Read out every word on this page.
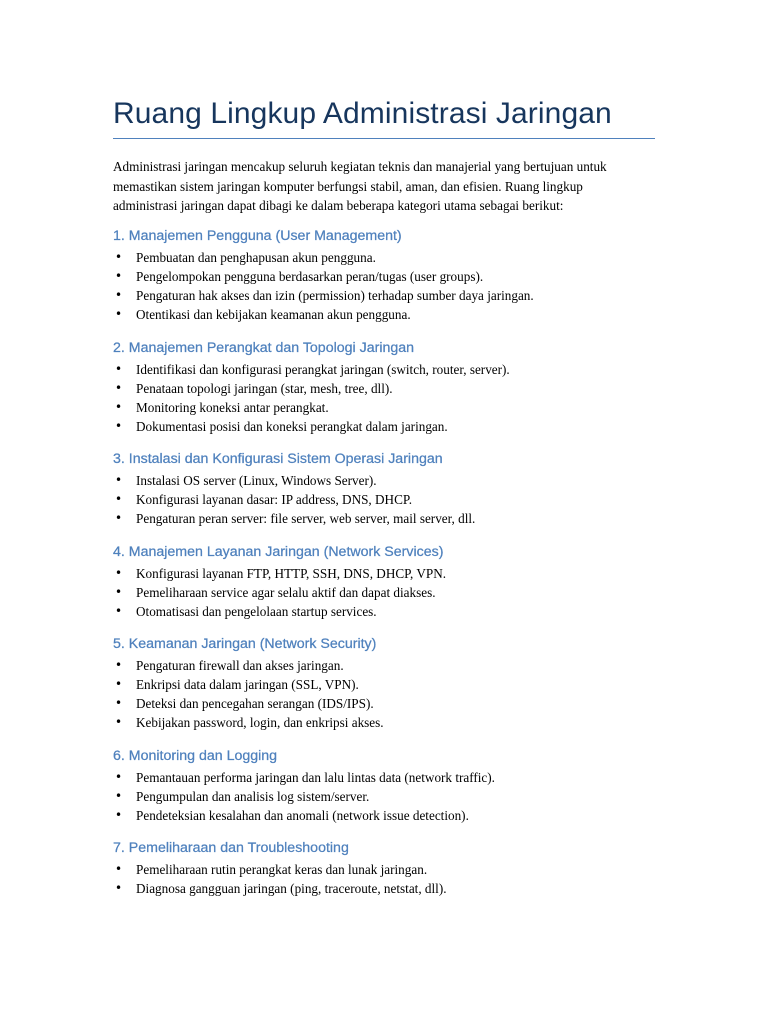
Ruang Lingkup Administrasi Jaringan

Administrasi jaringan mencakup seluruh kegiatan teknis dan manajerial yang bertujuan untuk memastikan sistem jaringan komputer berfungsi stabil, aman, dan efisien. Ruang lingkup administrasi jaringan dapat dibagi ke dalam beberapa kategori utama sebagai berikut:

1. Manajemen Pengguna (User Management)
• Pembuatan dan penghapusan akun pengguna.
• Pengelompokan pengguna berdasarkan peran/tugas (user groups).
• Pengaturan hak akses dan izin (permission) terhadap sumber daya jaringan.
• Otentikasi dan kebijakan keamanan akun pengguna.
2. Manajemen Perangkat dan Topologi Jaringan
• Identifikasi dan konfigurasi perangkat jaringan (switch, router, server).
• Penataan topologi jaringan (star, mesh, tree, dll).
• Monitoring koneksi antar perangkat.
• Dokumentasi posisi dan koneksi perangkat dalam jaringan.
3. Instalasi dan Konfigurasi Sistem Operasi Jaringan
• Instalasi OS server (Linux, Windows Server).
• Konfigurasi layanan dasar: IP address, DNS, DHCP.
• Pengaturan peran server: file server, web server, mail server, dll.
4. Manajemen Layanan Jaringan (Network Services)
• Konfigurasi layanan FTP, HTTP, SSH, DNS, DHCP, VPN.
• Pemeliharaan service agar selalu aktif dan dapat diakses.
• Otomatisasi dan pengelolaan startup services.
5. Keamanan Jaringan (Network Security)
• Pengaturan firewall dan akses jaringan.
• Enkripsi data dalam jaringan (SSL, VPN).
• Deteksi dan pencegahan serangan (IDS/IPS).
• Kebijakan password, login, dan enkripsi akses.
6. Monitoring dan Logging
• Pemantauan performa jaringan dan lalu lintas data (network traffic).
• Pengumpulan dan analisis log sistem/server.
• Pendeteksian kesalahan dan anomali (network issue detection).
7. Pemeliharaan dan Troubleshooting
• Pemeliharaan rutin perangkat keras dan lunak jaringan.
• Diagnosa gangguan jaringan (ping, traceroute, netstat, dll).
